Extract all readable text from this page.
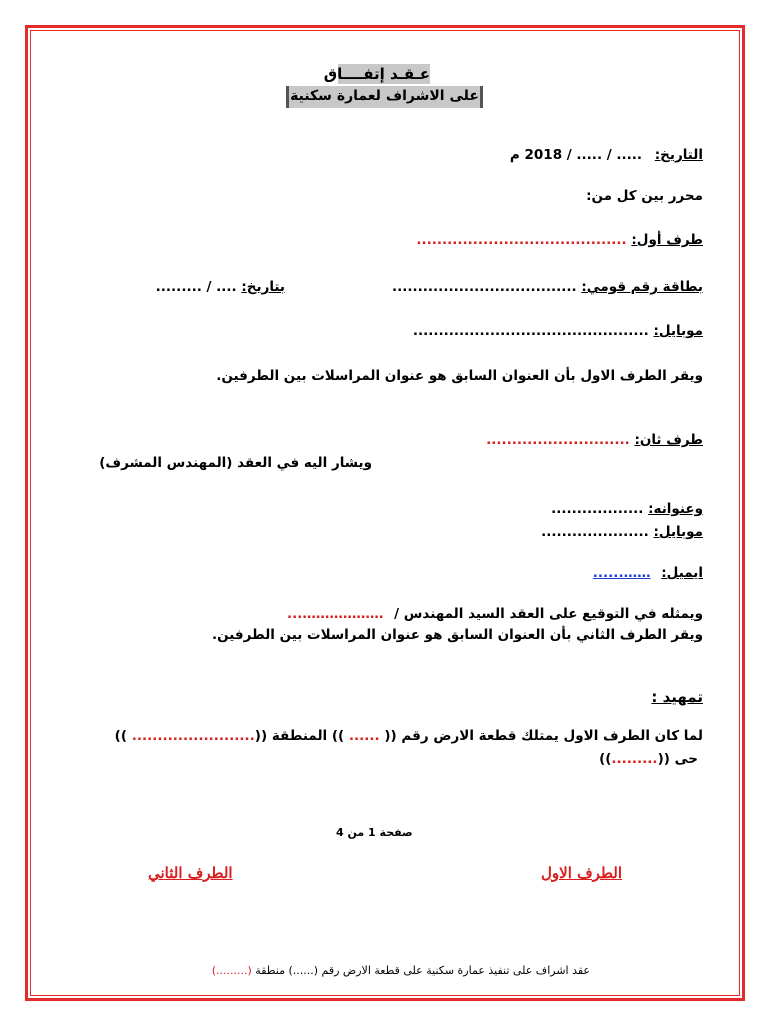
عـقـد إتفــــاق
على الاشراف لعمارة سكنية
التاريخ: ..... / ..... / 2018 م
محرر بين كل من:
طرف أول: .........................................
بطاقة رقم قومي: ....................................
بتاريخ: .... / .........
موبايل: ..............................................
ويقر الطرف الاول بأن العنوان السابق هو عنوان المراسلات بين الطرفين.
طرف ثان: ............................
ويشار اليه في العقد (المهندس المشرف)
وعنوانه: ..................
موبايل: .....................
ايميل: ……......
ويمثله في التوقيع على العقد السيد المهندس / ………………...
ويقر الطرف الثاني بأن العنوان السابق هو عنوان المراسلات بين الطرفين.
تمهيد :
لما كان الطرف الاول يمتلك قطعة الارض رقم (( ...... )) المنطقة ((........................ ))
حى ((.........))
صفحة 1 من 4
الطرف الاول
الطرف الثاني
عقد اشراف على تنفيذ عمارة سكنية على قطعة الارض رقم (......) منطقة (.........)
